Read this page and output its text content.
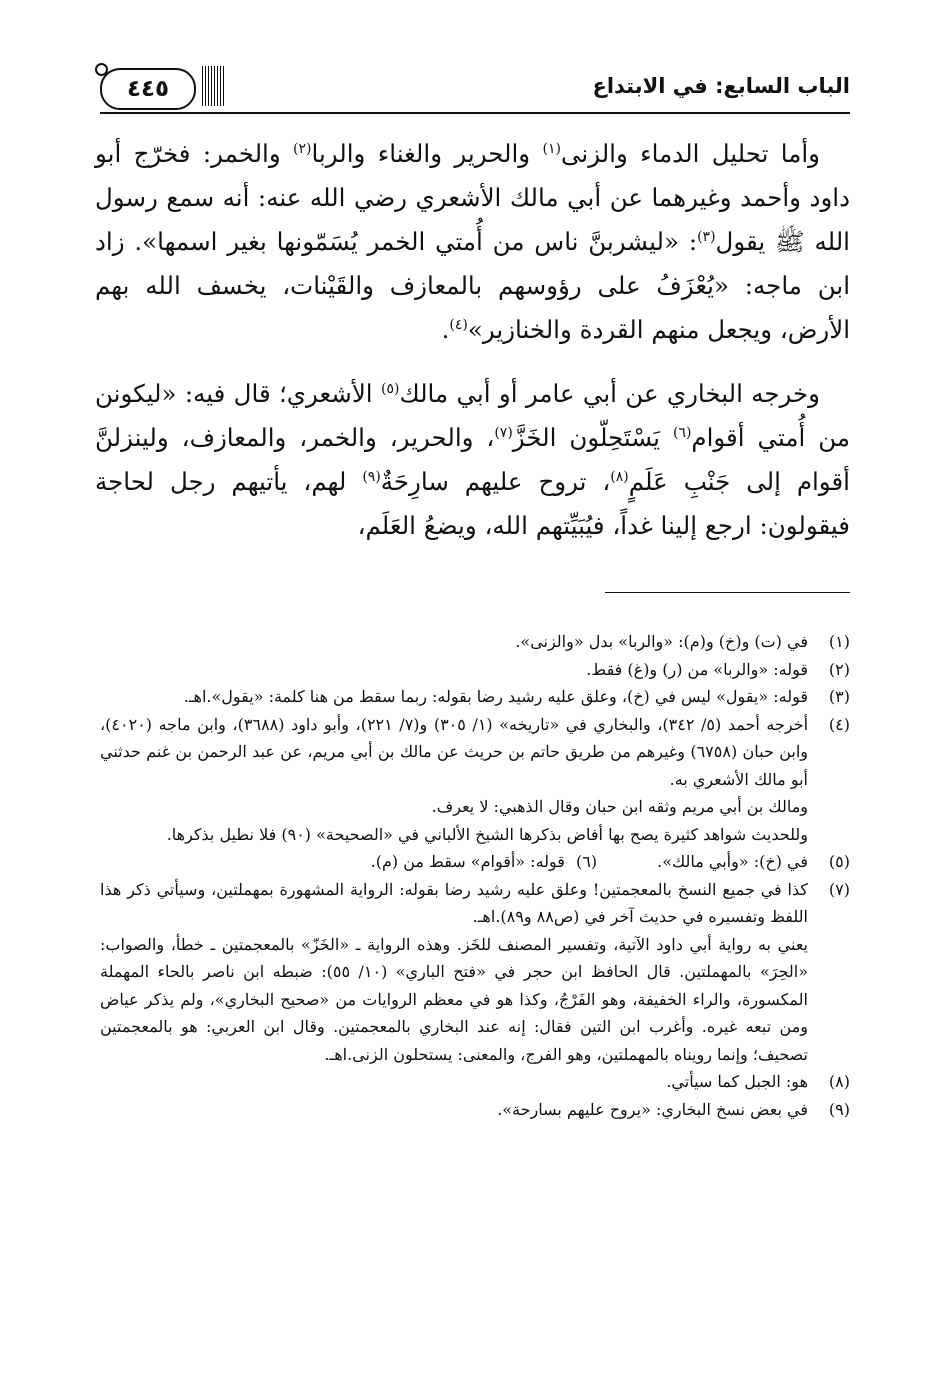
٤٤٥	الباب السابع: في الابتداع

وأما تحليل الدماء والزنى$^{(١)}$ والحرير والغناء والربا$^{(٢)}$ والخمر: فخرّج أبو داود وأحمد وغيرهما عن أبي مالك الأشعري رضي الله عنه: أنه سمع رسول الله ﷺ يقول$^{(٣)}$: «ليشربنَّ ناس من أُمتي الخمر يُسَمّونها بغير اسمها». زاد ابن ماجه: «يُعْزَفُ على رؤوسهم بالمعازف والقَيْنات، يخسف الله بهم الأرض، ويجعل منهم القردة والخنازير»$^{(٤)}$.

وخرجه البخاري عن أبي عامر أو أبي مالك$^{(٥)}$ الأشعري؛ قال فيه: «ليكونن من أُمتي أقوام$^{(٦)}$ يَسْتَحِلّون الخَزَّ$^{(٧)}$، والحرير، والخمر، والمعازف، ولينزلنَّ أقوام إلى جَنْبِ عَلَمٍ$^{(٨)}$، تروح عليهم سارِحَةٌ$^{(٩)}$ لهم، يأتيهم رجل لحاجة فيقولون: ارجع إلينا غداً، فيُبَيِّتهم الله، ويضعُ العَلَم،

(١)
في (ت) و(خ) و(م): «والربا» بدل «والزنى».
(٢)
قوله: «والربا» من (ر) و(غ) فقط.
(٣)
قوله: «يقول» ليس في (خ)، وعلق عليه رشيد رضا بقوله: ربما سقط من هنا كلمة: «يقول».اهـ.
(٤)
أخرجه أحمد (٥/ ٣٤٢)، والبخاري في «تاريخه» (١/ ٣٠٥) و(٧/ ٢٢١)، وأبو داود (٣٦٨٨)، وابن ماجه (٤٠٢٠)، وابن حبان (٦٧٥٨) وغيرهم من طريق حاتم بن حريث عن مالك بن أبي مريم، عن عبد الرحمن بن غنم حدثني أبو مالك الأشعري به.
ومالك بن أبي مريم وثقه ابن حبان وقال الذهبي: لا يعرف.
وللحديث شواهد كثيرة يصح بها أفاض بذكرها الشيخ الألباني في «الصحيحة» (٩٠) فلا نطيل بذكرها.
(٥)
في (خ): «وأبي مالك».
(٦) قوله: «أقوام» سقط من (م).
(٧)
كذا في جميع النسخ بالمعجمتين! وعلق عليه رشيد رضا بقوله: الرواية المشهورة بمهملتين، وسيأتي ذكر هذا اللفظ وتفسيره في حديث آخر في (ص٨٨ و٨٩).اهـ.
يعني به رواية أبي داود الآتية، وتفسير المصنف للخَز. وهذه الرواية ـ «الخَزّ» بالمعجمتين ـ خطأ، والصواب: «الحِرَ» بالمهملتين. قال الحافظ ابن حجر في «فتح الباري» (١٠/ ٥٥): ضبطه ابن ناصر بالحاء المهملة المكسورة، والراء الخفيفة، وهو الفَرْجُ، وكذا هو في معظم الروايات من «صحيح البخاري»، ولم يذكر عياض ومن تبعه غيره. وأغرب ابن التين فقال: إنه عند البخاري بالمعجمتين. وقال ابن العربي: هو بالمعجمتين تصحيف؛ وإنما رويناه بالمهملتين، وهو الفرج، والمعنى: يستحلون الزنى.اهـ.
(٨)
هو: الجبل كما سيأتي.
(٩)
في بعض نسخ البخاري: «يروح عليهم بسارحة».
